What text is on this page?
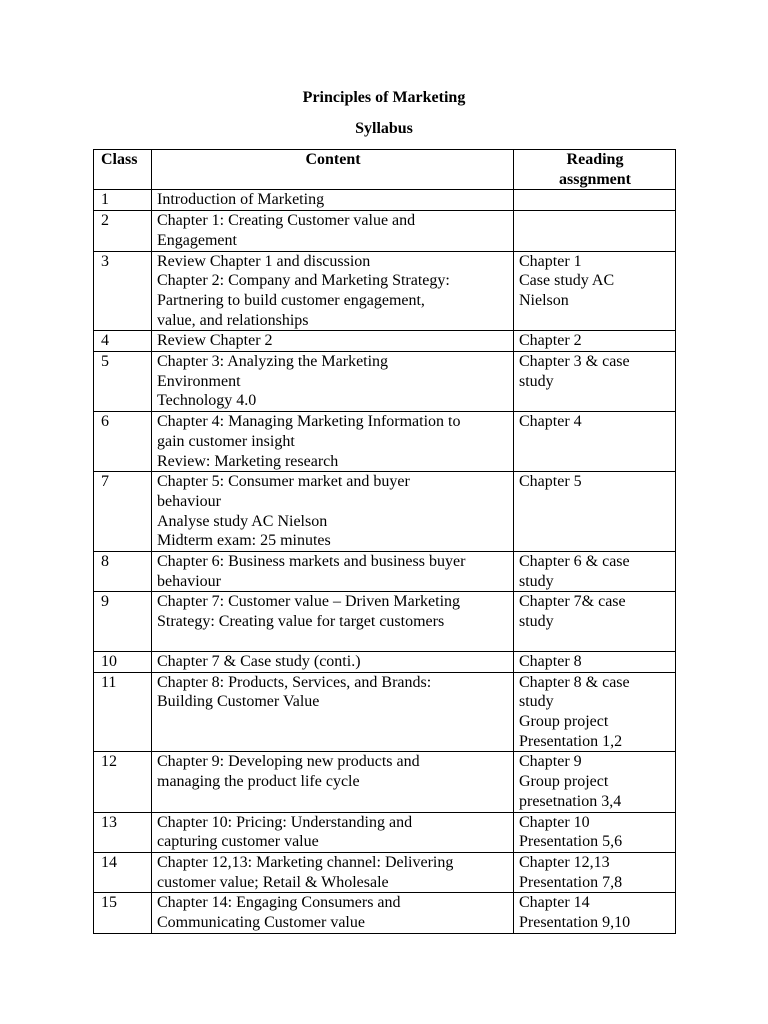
Principles of Marketing
Syllabus
Class	Content	Reading
assgnment

1	Introduction of Marketing	

2	Chapter 1: Creating Customer value and
Engagement	

3	Review Chapter 1 and discussion
Chapter 2: Company and Marketing Strategy:
Partnering to build customer engagement,
value, and relationships	Chapter 1
Case study AC
Nielson

4	Review Chapter 2	Chapter 2

5	Chapter 3: Analyzing the Marketing
Environment
Technology 4.0	Chapter 3 & case
study

6	Chapter 4: Managing Marketing Information to
gain customer insight
Review: Marketing research	Chapter 4

7	Chapter 5: Consumer market and buyer
behaviour
Analyse study AC Nielson
Midterm exam: 25 minutes	Chapter 5

8	Chapter 6: Business markets and business buyer
behaviour	Chapter 6 & case
study

9	Chapter 7: Customer value – Driven Marketing
Strategy: Creating value for target customers	Chapter 7& case
study

10	Chapter 7 & Case study (conti.)	Chapter 8

11	Chapter 8: Products, Services, and Brands:
Building Customer Value	Chapter 8 & case
study
Group project
Presentation 1,2

12	Chapter 9: Developing new products and
managing the product life cycle	Chapter 9
Group project
presetnation 3,4

13	Chapter 10: Pricing: Understanding and
capturing customer value	Chapter 10
Presentation 5,6

14	Chapter 12,13: Marketing channel: Delivering
customer value; Retail & Wholesale	Chapter 12,13
Presentation 7,8

15	Chapter 14: Engaging Consumers and
Communicating Customer value	Chapter 14
Presentation 9,10
